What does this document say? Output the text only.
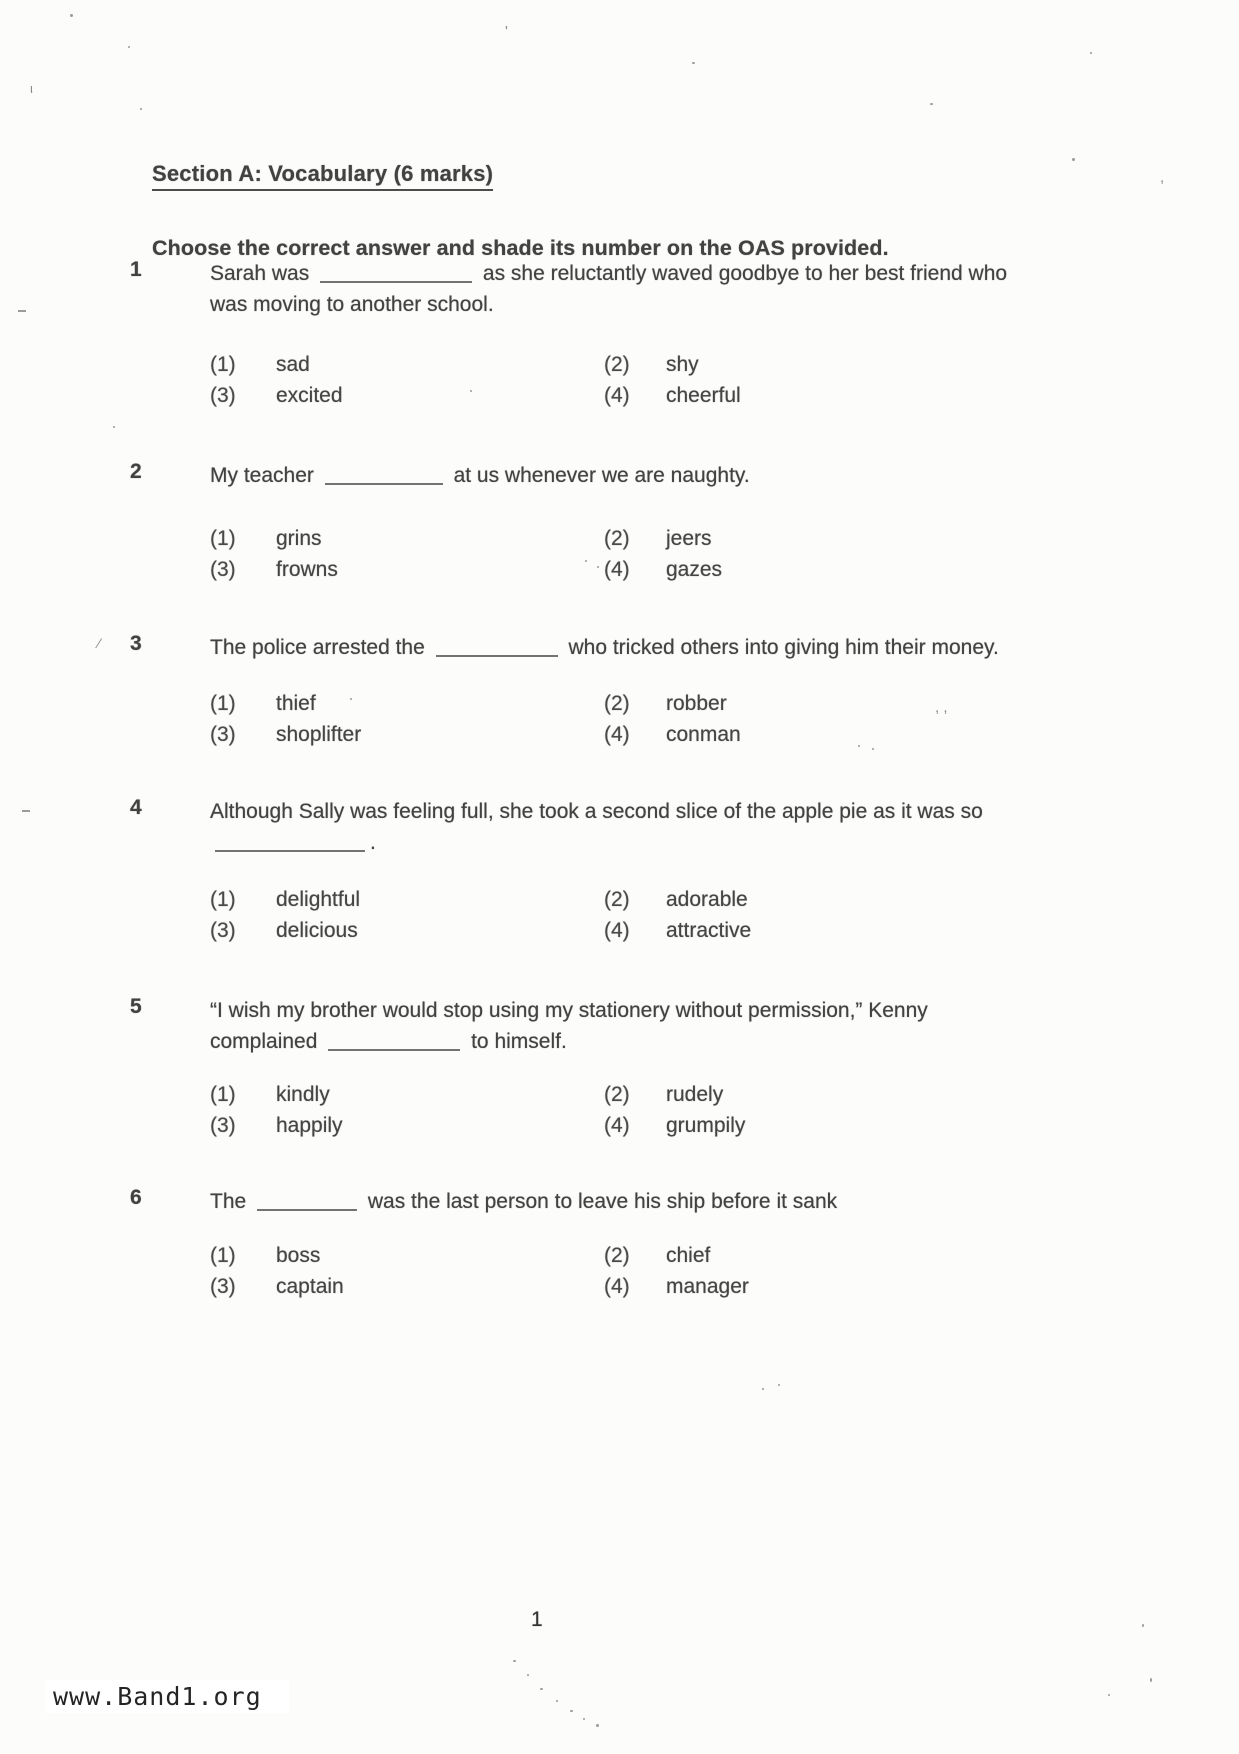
Section A: Vocabulary (6 marks)

Choose the correct answer and shade its number on the OAS provided.

1	Sarah was	as she reluctantly waved goodbye to her best friend who was moving to another school.

(1)	sad	(2)	shy
(3)	excited	(4)	cheerful
2	My teacher	at us whenever we are naughty.

(1)	grins	(2)	jeers
(3)	frowns	(4)	gazes
3	The police arrested the	who tricked others into giving him their money.

(1)	thief	(2)	robber
(3)	shoplifter	(4)	conman
4	Although Sally was feeling full, she took a second slice of the apple pie as it was so .

(1)	delightful	(2)	adorable
(3)	delicious	(4)	attractive
5	“I wish my brother would stop using my stationery without permission,” Kenny complained	to himself.

(1)	kindly	(2)	rudely
(3)	happily	(4)	grumpily
6	The	was the last person to leave his ship before it sank

(1)	boss	(2)	chief
(3)	captain	(4)	manager
1
www.Band1.org
'
ι
,
⁄
, ,
